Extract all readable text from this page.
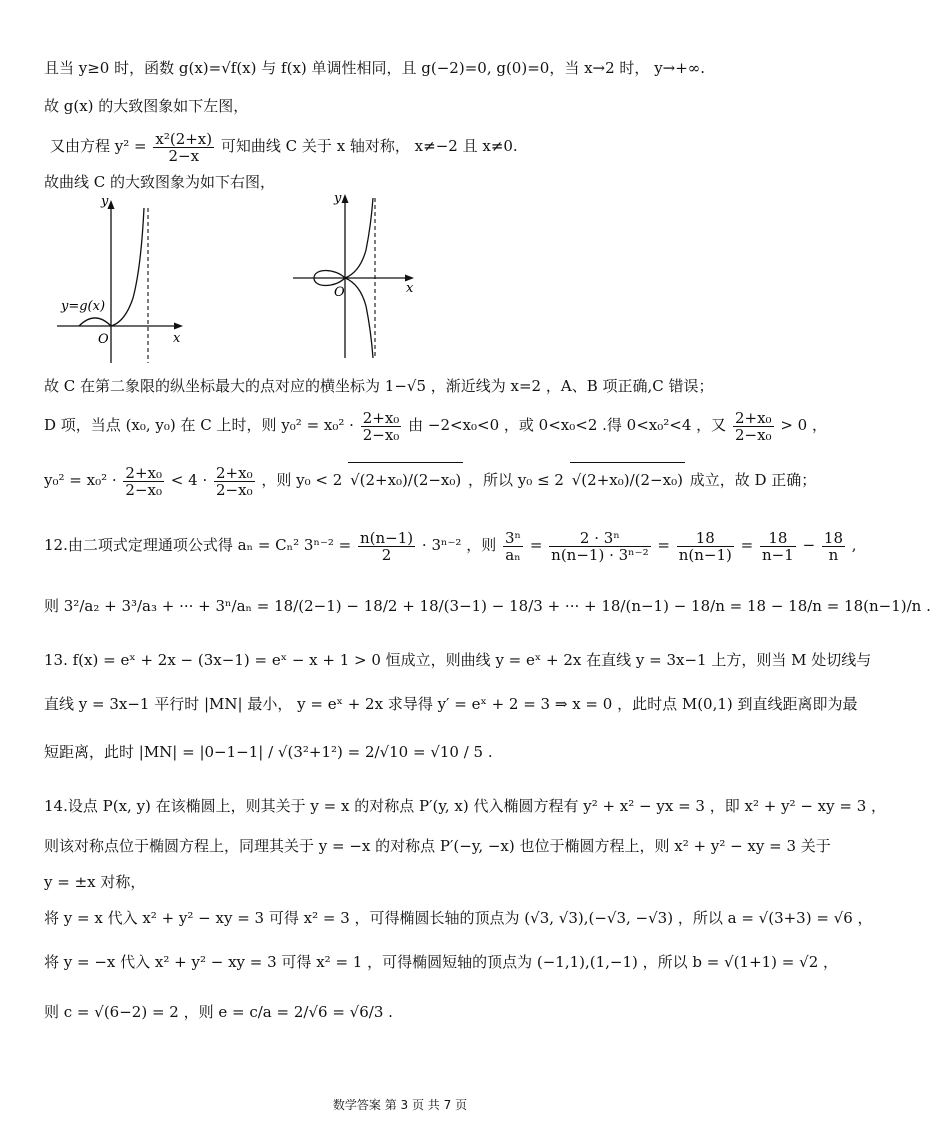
且当 y≥0 时，函数 g(x)=√f(x) 与 f(x) 单调性相同，且 g(−2)=0, g(0)=0，当 x→2 时， y→+∞.
故 g(x) 的大致图象如下左图，
又由方程 $y^2 = \frac{\text{x²(2+x)}}{2-x}$ 可知曲线 C 关于 x 轴对称， x≠−2 且 x≠0.
故曲线 C 的大致图象为如下右图，
y
x
O
y=g(x)
y
x
O
故 C 在第二象限的纵坐标最大的点对应的横坐标为 1−√5 ，渐近线为 x=2 ，A、B 项正确,C 错误；
D 项，当点 (x₀, y₀) 在 C 上时，则 $y_0^2 = x_0^2 \cdot \frac{\text{2+x₀}}{\text{2−x₀}}$ 由 −2<x₀<0 ，或 0<x₀<2 .得 0<x₀²<4 ，又 $\frac{\text{2+x₀}}{\text{2−x₀}} > 0$ ，
$y_0^2 = x_0^2 \cdot \frac{\text{2+x₀}}{\text{2−x₀}} < 4 \cdot \frac{\text{2+x₀}}{\text{2−x₀}}$ ，则 y₀ < 2 √ (2+x₀)/(2−x₀) ，所以 y₀ ≤ 2 √ (2+x₀)/(2−x₀) 成立，故 D 正确；
12.由二项式定理通项公式得 aₙ = Cₙ² $3^{n-2} = \frac{n(n-1)}{2} \cdot 3^{n-2}$ ，则 $\frac{\text{3ⁿ}}{\text{aₙ}} = \frac{\text{2 · 3ⁿ}}{\text{n(n−1) · 3ⁿ⁻²}} = \frac{18}{n(n-1)} = \frac{18}{n-1} - \frac{18}{n}$ ,
则 3²/a₂ + 3³/a₃ + ··· + 3ⁿ/aₙ = 18/(2−1) − 18/2 + 18/(3−1) − 18/3 + ··· + 18/(n−1) − 18/n = 18 − 18/n = 18(n−1)/n .
13. f(x) = eˣ + 2x − (3x−1) = eˣ − x + 1 > 0 恒成立，则曲线 y = eˣ + 2x 在直线 y = 3x−1 上方，则当 M 处切线与
直线 y = 3x−1 平行时 |MN| 最小， y = eˣ + 2x 求导得 y′ = eˣ + 2 = 3 ⇒ x = 0 ，此时点 M(0,1) 到直线距离即为最
短距离，此时 |MN| = |0−1−1| / √(3²+1²) = 2/√10 = √10 / 5 .
14.设点 P(x, y) 在该椭圆上，则其关于 y = x 的对称点 P′(y, x) 代入椭圆方程有 y² + x² − yx = 3 ，即 x² + y² − xy = 3 ，
则该对称点位于椭圆方程上，同理其关于 y = −x 的对称点 P′(−y, −x) 也位于椭圆方程上，则 x² + y² − xy = 3 关于
y = ±x 对称，
将 y = x 代入 x² + y² − xy = 3 可得 x² = 3 ，可得椭圆长轴的顶点为 (√3, √3),(−√3, −√3) ，所以 a = √(3+3) = √6 ，
将 y = −x 代入 x² + y² − xy = 3 可得 x² = 1 ，可得椭圆短轴的顶点为 (−1,1),(1,−1) ，所以 b = √(1+1) = √2 ，
则 c = √(6−2) = 2 ，则 e = c/a = 2/√6 = √6/3 .
数学答案 第 3 页 共 7 页
